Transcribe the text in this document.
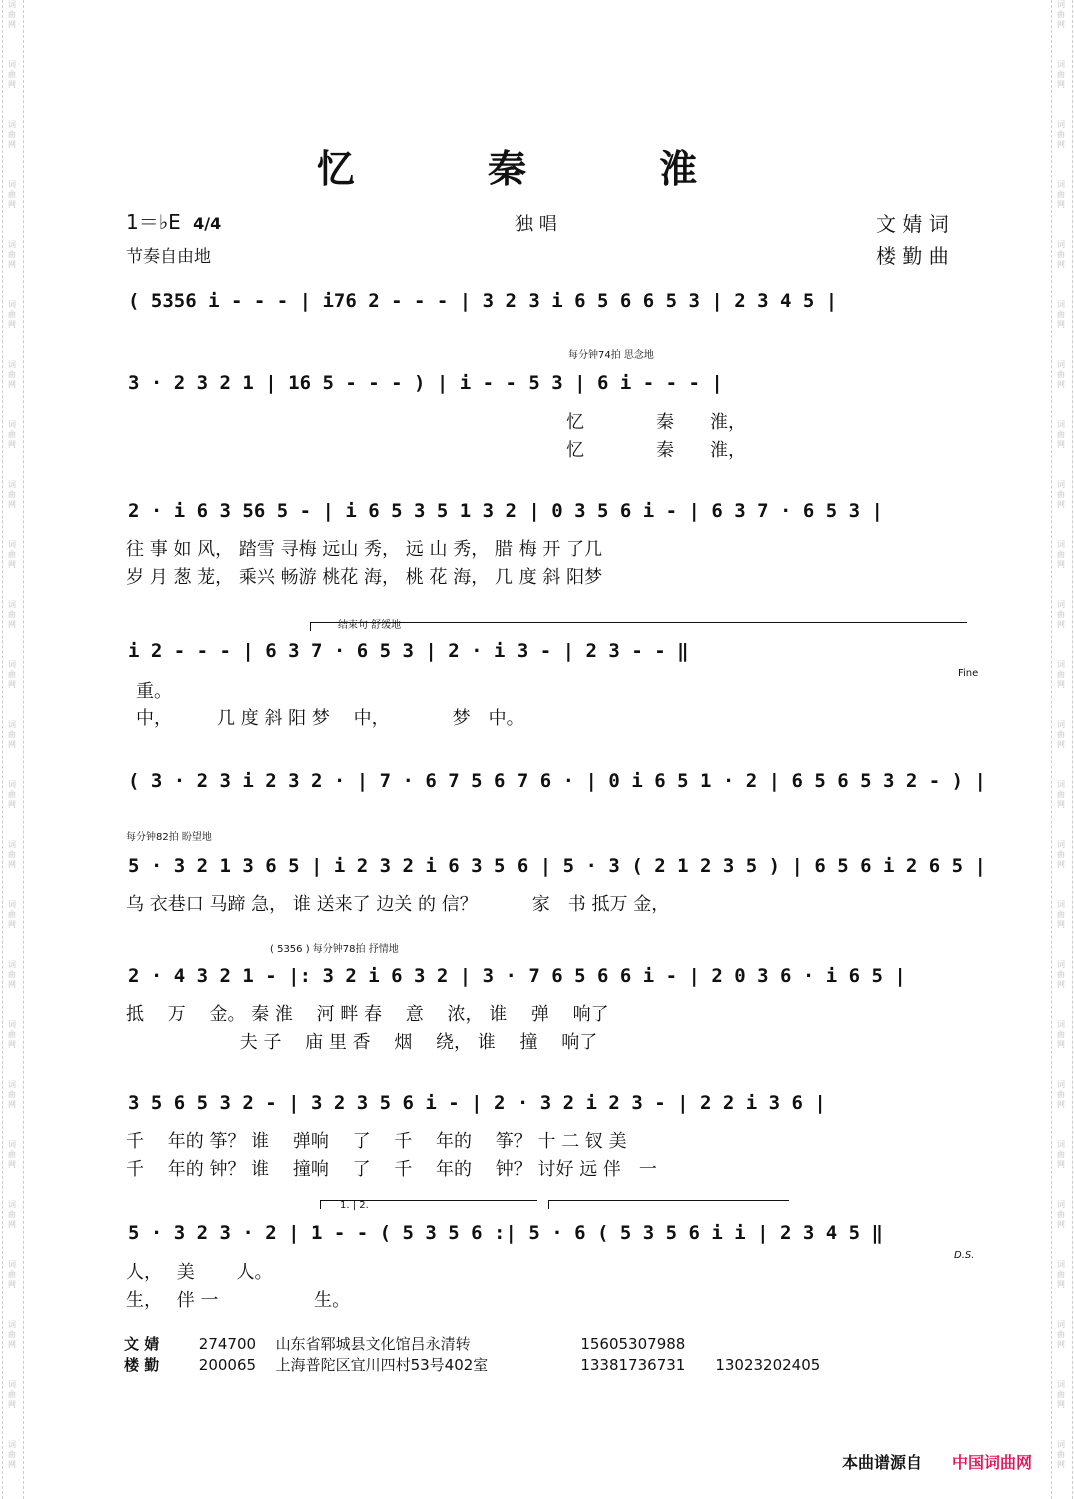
词
曲
网
词
曲
网
词
曲
网
词
曲
网
词
曲
网
词
曲
网
词
曲
网
词
曲
网
词
曲
网
词
曲
网
词
曲
网
词
曲
网
词
曲
网
词
曲
网
词
曲
网
词
曲
网
词
曲
网
词
曲
网
词
曲
网
词
曲
网
词
曲
网
词
曲
网
词
曲
网
词
曲
网
词
曲
网
词
曲
网
词
曲
网
词
曲
网
词
曲
网
词
曲
网
词
曲
网
词
曲
网
词
曲
网
词
曲
网
词
曲
网
词
曲
网
词
曲
网
词
曲
网
词
曲
网
词
曲
网
词
曲
网
词
曲
网
词
曲
网
词
曲
网
词
曲
网
词
曲
网
词
曲
网
词
曲
网
词
曲
网
词
曲
网
忆 秦 淮
1＝♭E 4/4	独 唱	文 婧 词
节奏自由地	楼 勤 曲
( 5356 i ‐ ‐ ‐ | i76 2 ‐ ‐ ‐ | 3 2 3 i 6 5 6 6 5 3 | 2 3 4 5 |
每分钟74拍 思念地
3 · 2 3 2 1 | 16 5 ‐ ‐ ‐ ) | i ‐ ‐ 5 3 | 6 i ‐ ‐ ‐ |
忆　　　　秦　　淮，
忆　　　　秦　　淮，
2 · i 6 3 56 5 ‐ | i 6 5 3 5 1 3 2 | 0 3 5 6 i ‐ | 6 3 7 · 6 5 3 |
往 事 如 风， 踏雪 寻梅 远山 秀， 远 山 秀， 腊 梅 开 了几
岁 月 葱 茏， 乘兴 畅游 桃花 海， 桃 花 海， 几 度 斜 阳梦
结束句 舒缓地
i 2 ‐ ‐ ‐ | 6 3 7 · 6 5 3 | 2 · i 3 ‐ | 2 3 ‐ ‐ ‖
Fine
重。
中，　　　几 度 斜 阳 梦　 中，　　　　梦　中。
( 3 · 2 3 i 2 3 2 · | 7 · 6 7 5 6 7 6 · | 0 i 6 5 1 · 2 | 6 5 6 5 3 2 ‐ ) |
每分钟82拍 盼望地
5 · 3 2 1 3 6 5 | i 2 3 2 i 6 3 5 6 | 5 · 3 ( 2 1 2 3 5 ) | 6 5 6 i 2 6 5 |
乌 衣巷口 马蹄 急， 谁 送来了 边关 的 信？　　　家　书 抵万 金，
( 5356 ) 每分钟78拍 抒情地
2 · 4 3 2 1 ‐ |: 3 2 i 6 3 2 | 3 · 7 6 5 6 6 i ‐ | 2 0 3 6 · i 6 5 |
抵　 万　 金。 秦 淮　 河 畔 春　 意　 浓， 谁　 弹　 响了
　　　　　　 夫 子　 庙 里 香　 烟　 绕， 谁　 撞　 响了
3 5 6 5 3 2 ‐ | 3 2 3 5 6 i ‐ | 2 · 3 2 i 2 3 ‐ | 2 2 i 3 6 |
千　 年的 筝？ 谁　 弹响　 了　 千　 年的　 筝？ 十 二 钗 美
千　 年的 钟？ 谁　 撞响　 了　 千　 年的　 钟？ 讨好 远 伴　一
1. | 2.
5 · 3 2 3 · 2 | 1 ‐ ‐ ( 5 3 5 6 :| 5 · 6 ( 5 3 5 6 i i | 2 3 4 5 ‖
D.S.
人，　 美　　 人。
生，　 伴 一　　　　　 生。
文 婧	274700 山东省郓城县文化馆吕永清转	15605307988
楼 勤	200065 上海普陀区宜川四村53号402室	13381736731　　13023202405
本曲谱源自 中国词曲网
